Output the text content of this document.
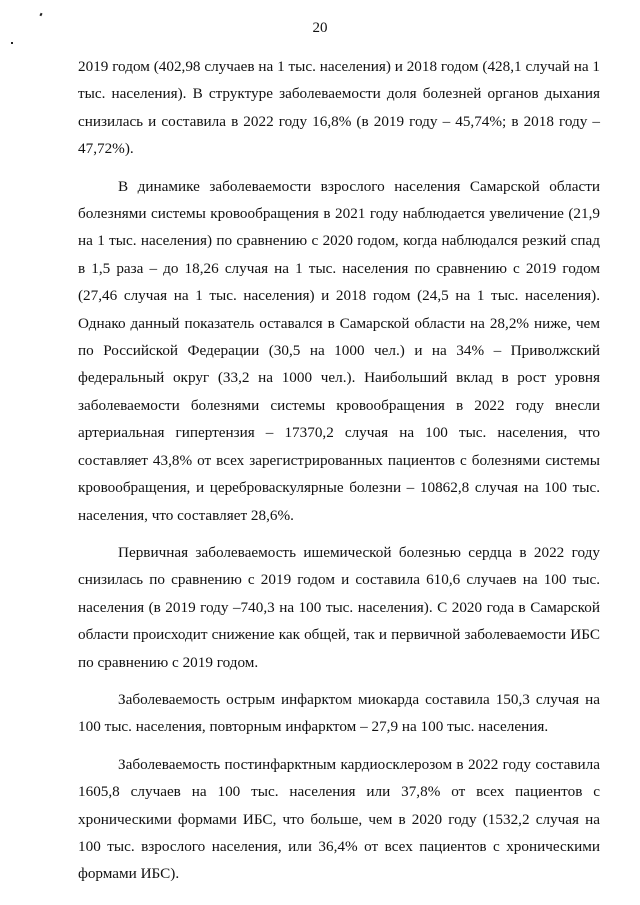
20

2019 годом (402,98 случаев на 1 тыс. населения) и 2018 годом (428,1 случай на 1 тыс. населения). В структуре заболеваемости доля болезней органов дыхания снизилась и составила в 2022 году 16,8% (в 2019 году – 45,74%; в 2018 году – 47,72%).

В динамике заболеваемости взрослого населения Самарской области болезнями системы кровообращения в 2021 году наблюдается увеличение (21,9 на 1 тыс. населения) по сравнению с 2020 годом, когда наблюдался резкий спад в 1,5 раза – до 18,26 случая на 1 тыс. населения по сравнению с 2019 годом (27,46 случая на 1 тыс. населения) и 2018 годом (24,5 на 1 тыс. населения). Однако данный показатель оставался в Самарской области на 28,2% ниже, чем по Российской Федерации (30,5 на 1000 чел.) и на 34% – Приволжский федеральный округ (33,2 на 1000 чел.). Наибольший вклад в рост уровня заболеваемости болезнями системы кровообращения в 2022 году внесли артериальная гипертензия – 17370,2 случая на 100 тыс. населения, что составляет 43,8% от всех зарегистрированных пациентов с болезнями системы кровообращения, и цереброваскулярные болезни – 10862,8 случая на 100 тыс. населения, что составляет 28,6%.

Первичная заболеваемость ишемической болезнью сердца в 2022 году снизилась по сравнению с 2019 годом и составила 610,6 случаев на 100 тыс. населения (в 2019 году –740,3 на 100 тыс. населения). С 2020 года в Самарской области происходит снижение как общей, так и первичной заболеваемости ИБС по сравнению с 2019 годом.

Заболеваемость острым инфарктом миокарда составила 150,3 случая на 100 тыс. населения, повторным инфарктом – 27,9 на 100 тыс. населения.

Заболеваемость постинфарктным кардиосклерозом в 2022 году составила 1605,8 случаев на 100 тыс. населения или 37,8% от всех пациентов с хроническими формами ИБС, что больше, чем в 2020 году (1532,2 случая на 100 тыс. взрослого населения, или 36,4% от всех пациентов с хроническими формами ИБС).
